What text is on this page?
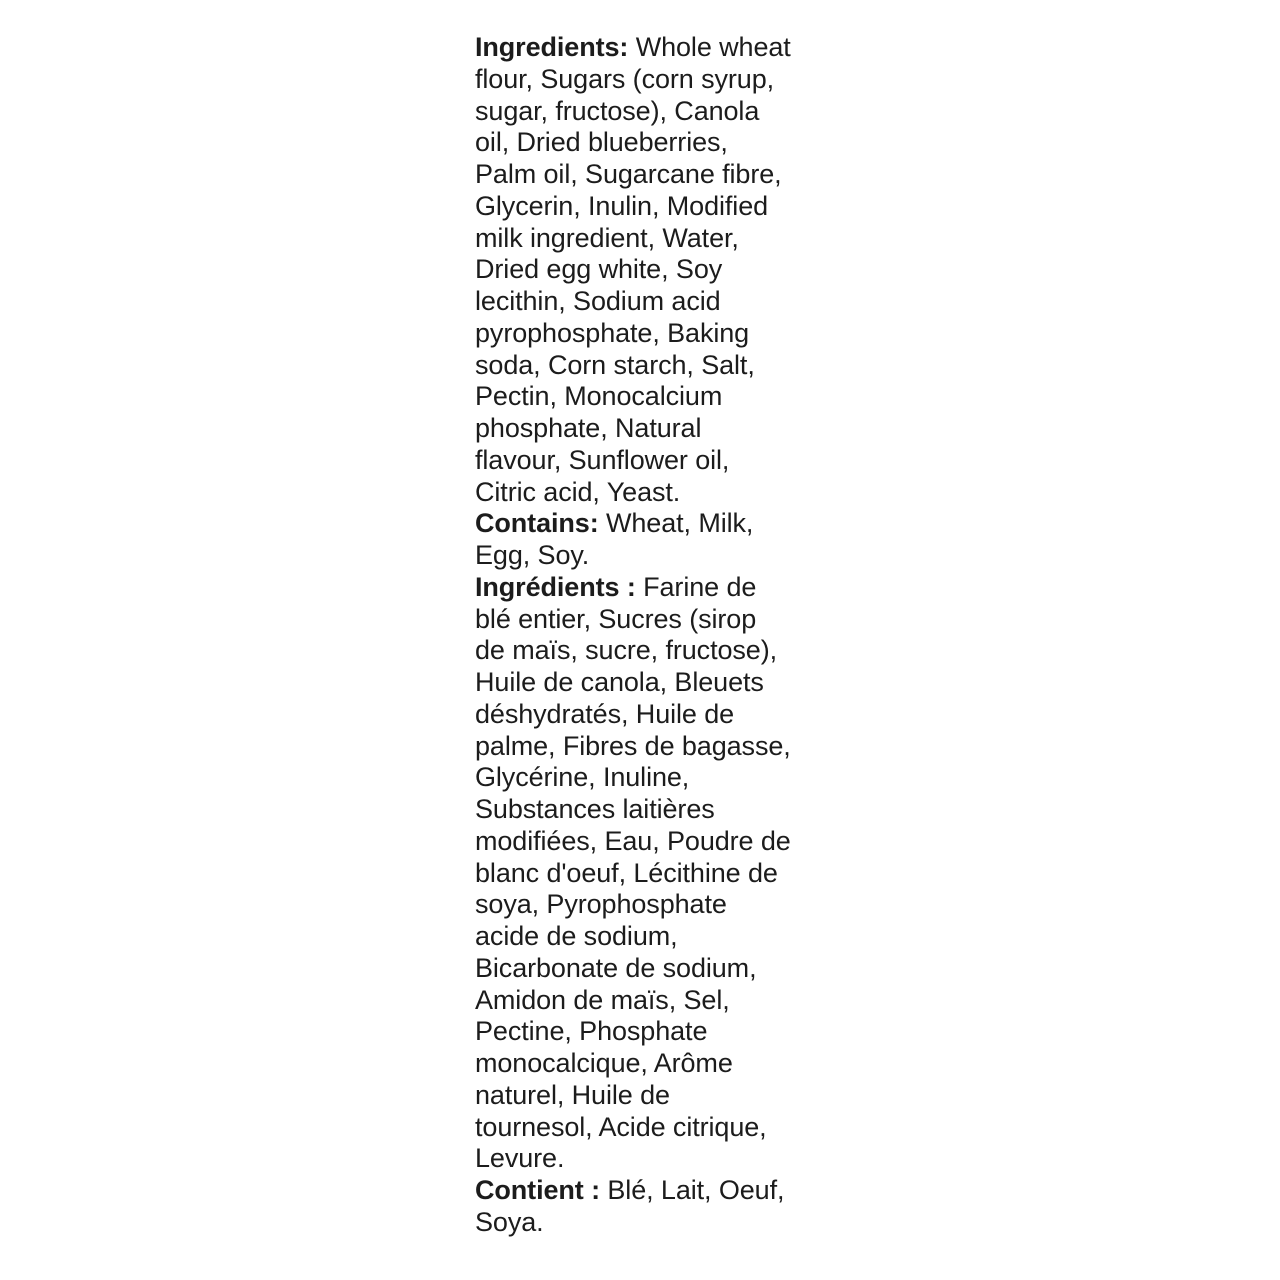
Ingredients: Whole wheat
flour, Sugars (corn syrup,
sugar, fructose), Canola
oil, Dried blueberries,
Palm oil, Sugarcane fibre,
Glycerin, Inulin, Modified
milk ingredient, Water,
Dried egg white, Soy
lecithin, Sodium acid
pyrophosphate, Baking
soda, Corn starch, Salt,
Pectin, Monocalcium
phosphate, Natural
flavour, Sunflower oil,
Citric acid, Yeast.

Contains: Wheat, Milk,
Egg, Soy.

Ingrédients : Farine de
blé entier, Sucres (sirop
de maïs, sucre, fructose),
Huile de canola, Bleuets
déshydratés, Huile de
palme, Fibres de bagasse,
Glycérine, Inuline,
Substances laitières
modifiées, Eau, Poudre de
blanc d'oeuf, Lécithine de
soya, Pyrophosphate
acide de sodium,
Bicarbonate de sodium,
Amidon de maïs, Sel,
Pectine, Phosphate
monocalcique, Arôme
naturel, Huile de
tournesol, Acide citrique,
Levure.

Contient : Blé, Lait, Oeuf,
Soya.
